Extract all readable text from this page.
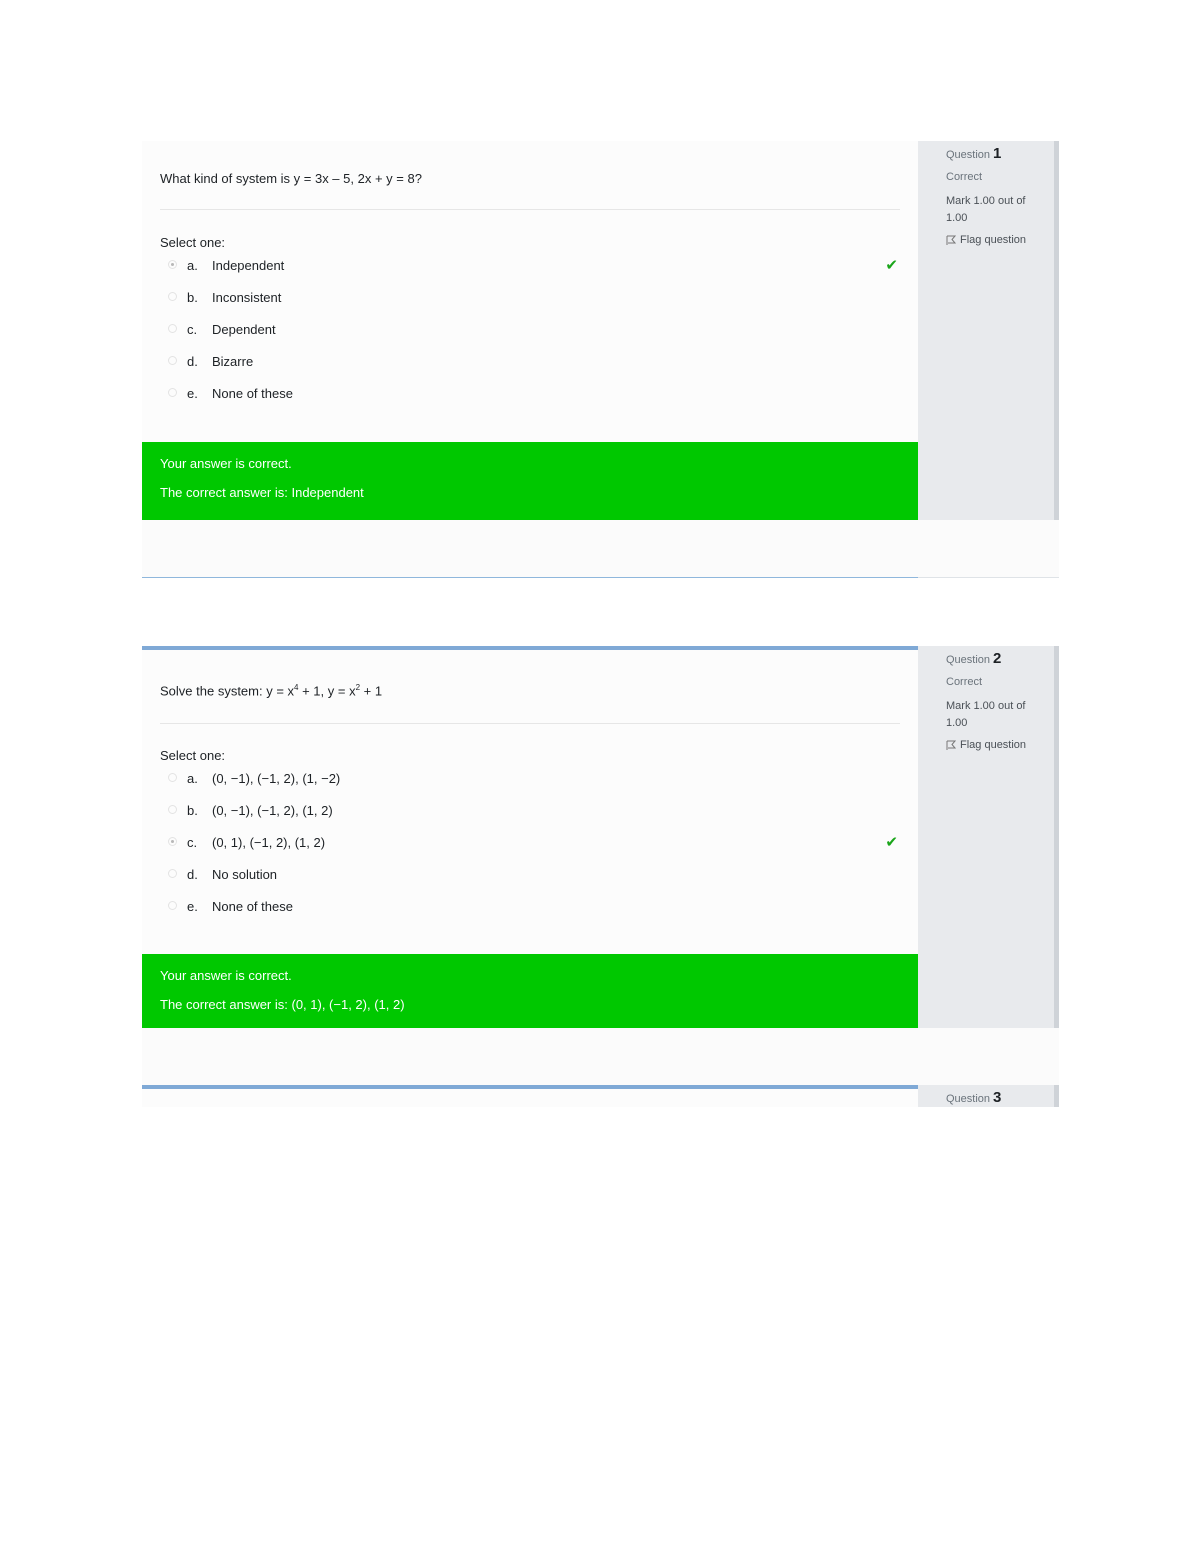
What kind of system is y = 3x – 5, 2x + y = 8?
Select one:
a.	Independent	✔
b.	Inconsistent
c.	Dependent
d.	Bizarre
e.	None of these
Your answer is correct.
The correct answer is: Independent
Question 1
Correct
Mark 1.00 out of 1.00
Flag question
Solve the system: $y = x^4 + 1$, $y = x^2 + 1$
Select one:
a.	(0, −1), (−1, 2), (1, −2)
b.	(0, −1), (−1, 2), (1, 2)
c.	(0, 1), (−1, 2), (1, 2)	✔
d.	No solution
e.	None of these
Your answer is correct.
The correct answer is: (0, 1), (−1, 2), (1, 2)
Question 2
Correct
Mark 1.00 out of 1.00
Flag question
Question 3
